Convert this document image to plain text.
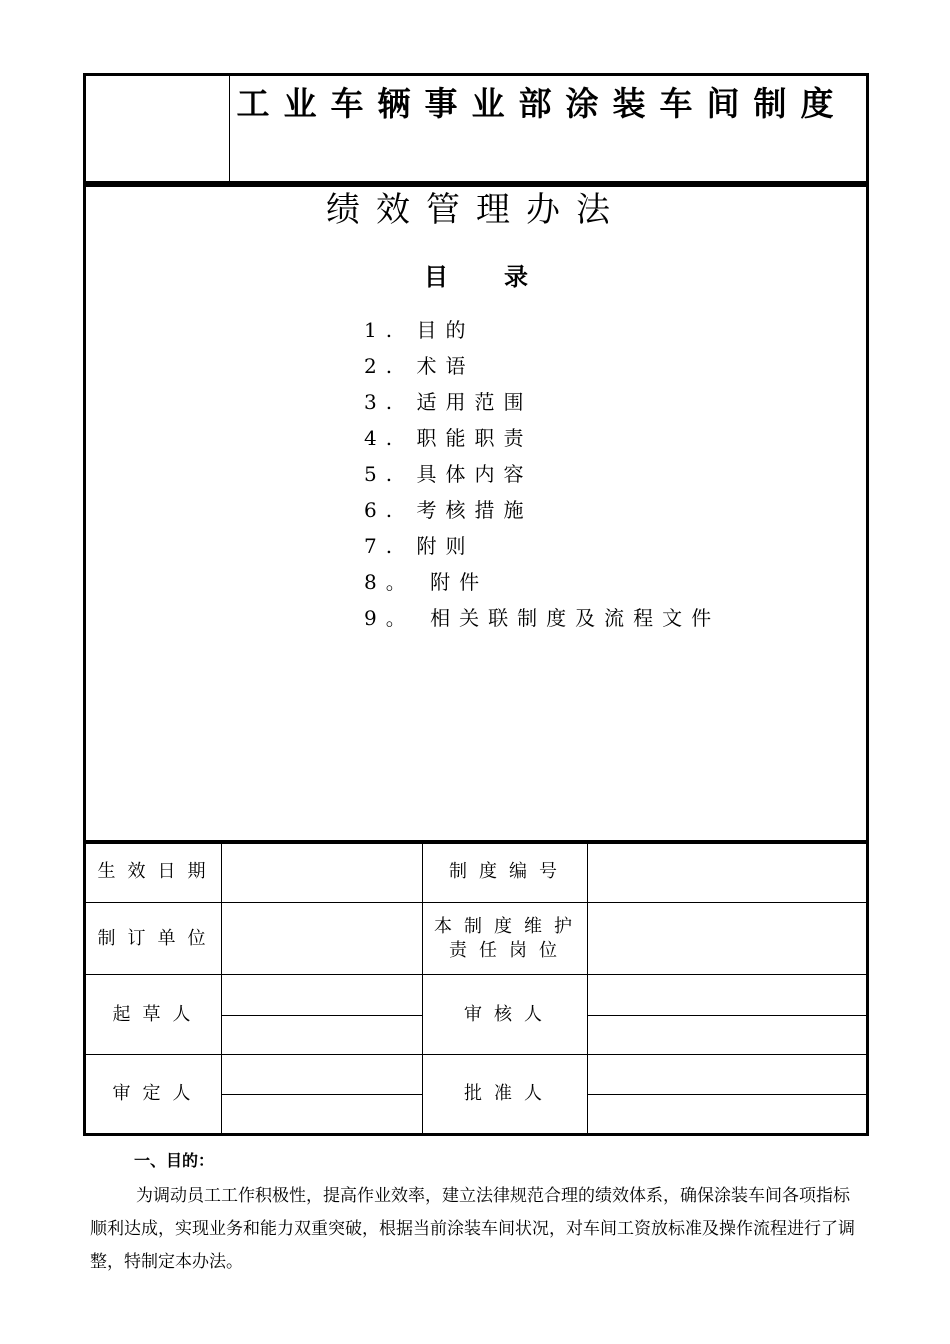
工业车辆事业部涂装车间制度
绩效管理办法
目 录
1. 目的
2. 术语
3. 适用范围
4. 职能职责
5. 具体内容
6. 考核措施
7. 附则
8。 附件
9。 相关联制度及流程文件
生效日期		制度编号	
制订单位		本制度维护责任岗位	
起草人		审核人	

审定人		批准人	
一、目的：
为调动员工工作积极性，提高作业效率，建立法律规范合理的绩效体系，确保涂装车间各项指标顺利达成，实现业务和能力双重突破，根据当前涂装车间状况，对车间工资放标准及操作流程进行了调整，特制定本办法。
